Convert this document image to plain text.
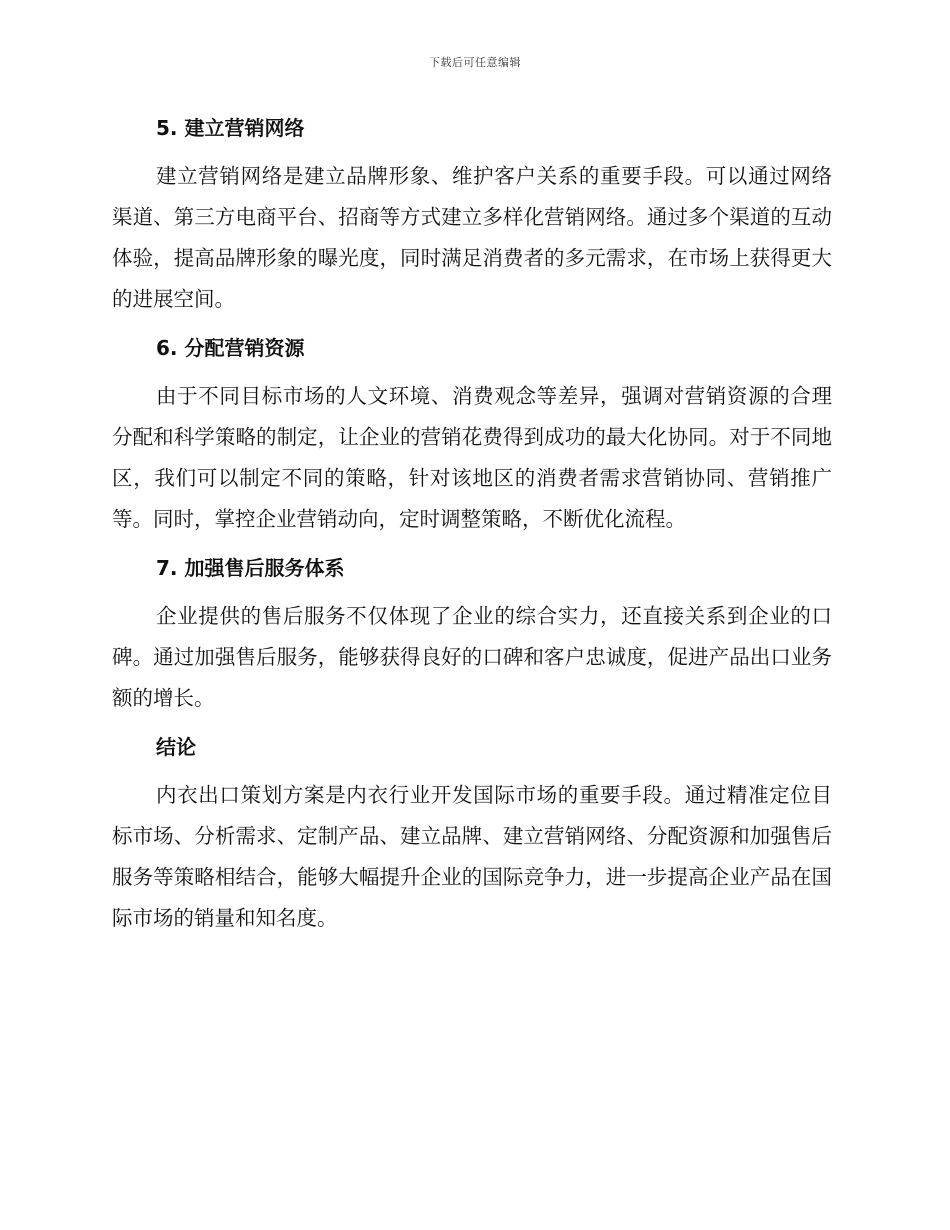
下载后可任意编辑
5. 建立营销网络

建立营销网络是建立品牌形象、维护客户关系的重要手段。可以通过网络渠道、第三方电商平台、招商等方式建立多样化营销网络。通过多个渠道的互动体验，提高品牌形象的曝光度，同时满足消费者的多元需求，在市场上获得更大的进展空间。

6. 分配营销资源

由于不同目标市场的人文环境、消费观念等差异，强调对营销资源的合理分配和科学策略的制定，让企业的营销花费得到成功的最大化协同。对于不同地区，我们可以制定不同的策略，针对该地区的消费者需求营销协同、营销推广等。同时，掌控企业营销动向，定时调整策略，不断优化流程。

7. 加强售后服务体系

企业提供的售后服务不仅体现了企业的综合实力，还直接关系到企业的口碑。通过加强售后服务，能够获得良好的口碑和客户忠诚度，促进产品出口业务额的增长。

结论

内衣出口策划方案是内衣行业开发国际市场的重要手段。通过精准定位目标市场、分析需求、定制产品、建立品牌、建立营销网络、分配资源和加强售后服务等策略相结合，能够大幅提升企业的国际竞争力，进一步提高企业产品在国际市场的销量和知名度。
